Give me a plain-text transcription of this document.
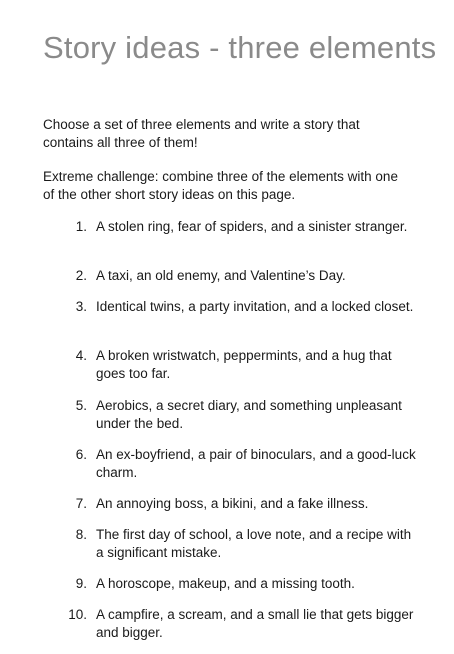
Story ideas - three elements

Choose a set of three elements and write a story that contains all three of them!

Extreme challenge: combine three of the elements with one of the other short story ideas on this page.

1. A stolen ring, fear of spiders, and a sinister stranger.
2. A taxi, an old enemy, and Valentine’s Day.
3. Identical twins, a party invitation, and a locked closet.
4. A broken wristwatch, peppermints, and a hug that goes too far.
5. Aerobics, a secret diary, and something unpleasant under the bed.
6. An ex-boyfriend, a pair of binoculars, and a good-luck charm.
7. An annoying boss, a bikini, and a fake illness.
8. The first day of school, a love note, and a recipe with a significant mistake.
9. A horoscope, makeup, and a missing tooth.
10. A campfire, a scream, and a small lie that gets bigger and bigger.
